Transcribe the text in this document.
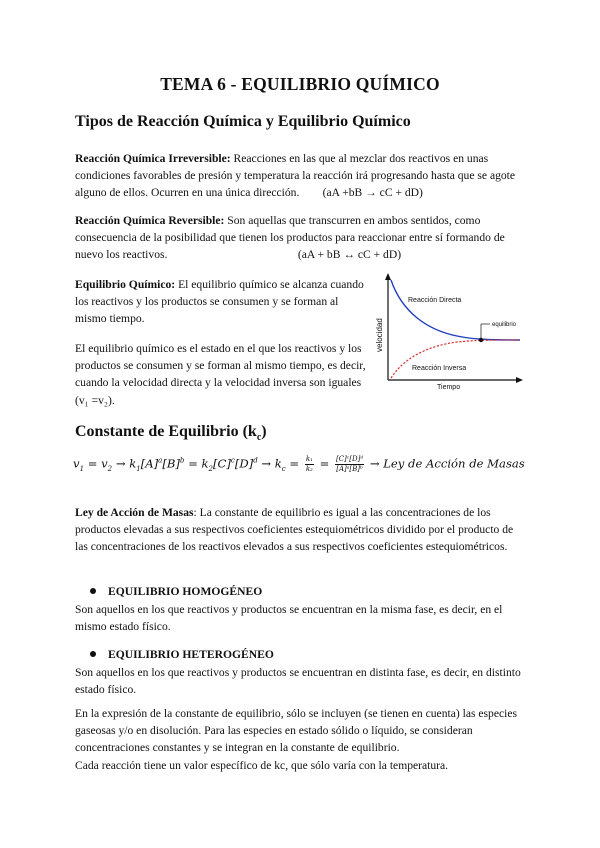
TEMA 6 - EQUILIBRIO QUÍMICO
Tipos de Reacción Química y Equilibrio Químico
Reacción Química Irreversible: Reacciones en las que al mezclar dos reactivos en unas condiciones favorables de presión y temperatura la reacción irá progresando hasta que se agote alguno de ellos. Ocurren en una única dirección. (aA +bB → cC + dD)
Reacción Química Reversible: Son aquellas que transcurren en ambos sentidos, como consecuencia de la posibilidad que tienen los productos para reaccionar entre sí formando de nuevo los reactivos.	(aA + bB ↔ cC + dD)
Equilibrio Químico: El equilibrio químico se alcanza cuando los reactivos y los productos se consumen y se forman al mismo tiempo.
El equilibrio químico es el estado en el que los reactivos y los productos se consumen y se forman al mismo tiempo, es decir, cuando la velocidad directa y la velocidad inversa son iguales (v₁ =v₂).
equilibrio
Reacción Directa
Reacción Inversa
velocidad
Tiempo
Constante de Equilibrio $(k_c)$
$v_1 = v_2 \to k_1[A]^a[B]^b = k_2[C]^c[D]^d \to k_c = \frac{\text{k₁}}{\text{k₂}} = \frac{\text{[C]ᶜ[D]ᵈ}}{\text{[A]ᵃ[B]ᵇ}}$ → Ley de Acción de Masas
Ley de Acción de Masas: La constante de equilibrio es igual a las concentraciones de los productos elevadas a sus respectivos coeficientes estequiométricos dividido por el producto de las concentraciones de los reactivos elevados a sus respectivos coeficientes estequiométricos.
EQUILIBRIO HOMOGÉNEO
Son aquellos en los que reactivos y productos se encuentran en la misma fase, es decir, en el mismo estado físico.
EQUILIBRIO HETEROGÉNEO
Son aquellos en los que reactivos y productos se encuentran en distinta fase, es decir, en distinto estado físico.
En la expresión de la constante de equilibrio, sólo se incluyen (se tienen en cuenta) las especies gaseosas y/o en disolución. Para las especies en estado sólido o líquido, se consideran concentraciones constantes y se integran en la constante de equilibrio.
Cada reacción tiene un valor específico de kc, que sólo varía con la temperatura.
